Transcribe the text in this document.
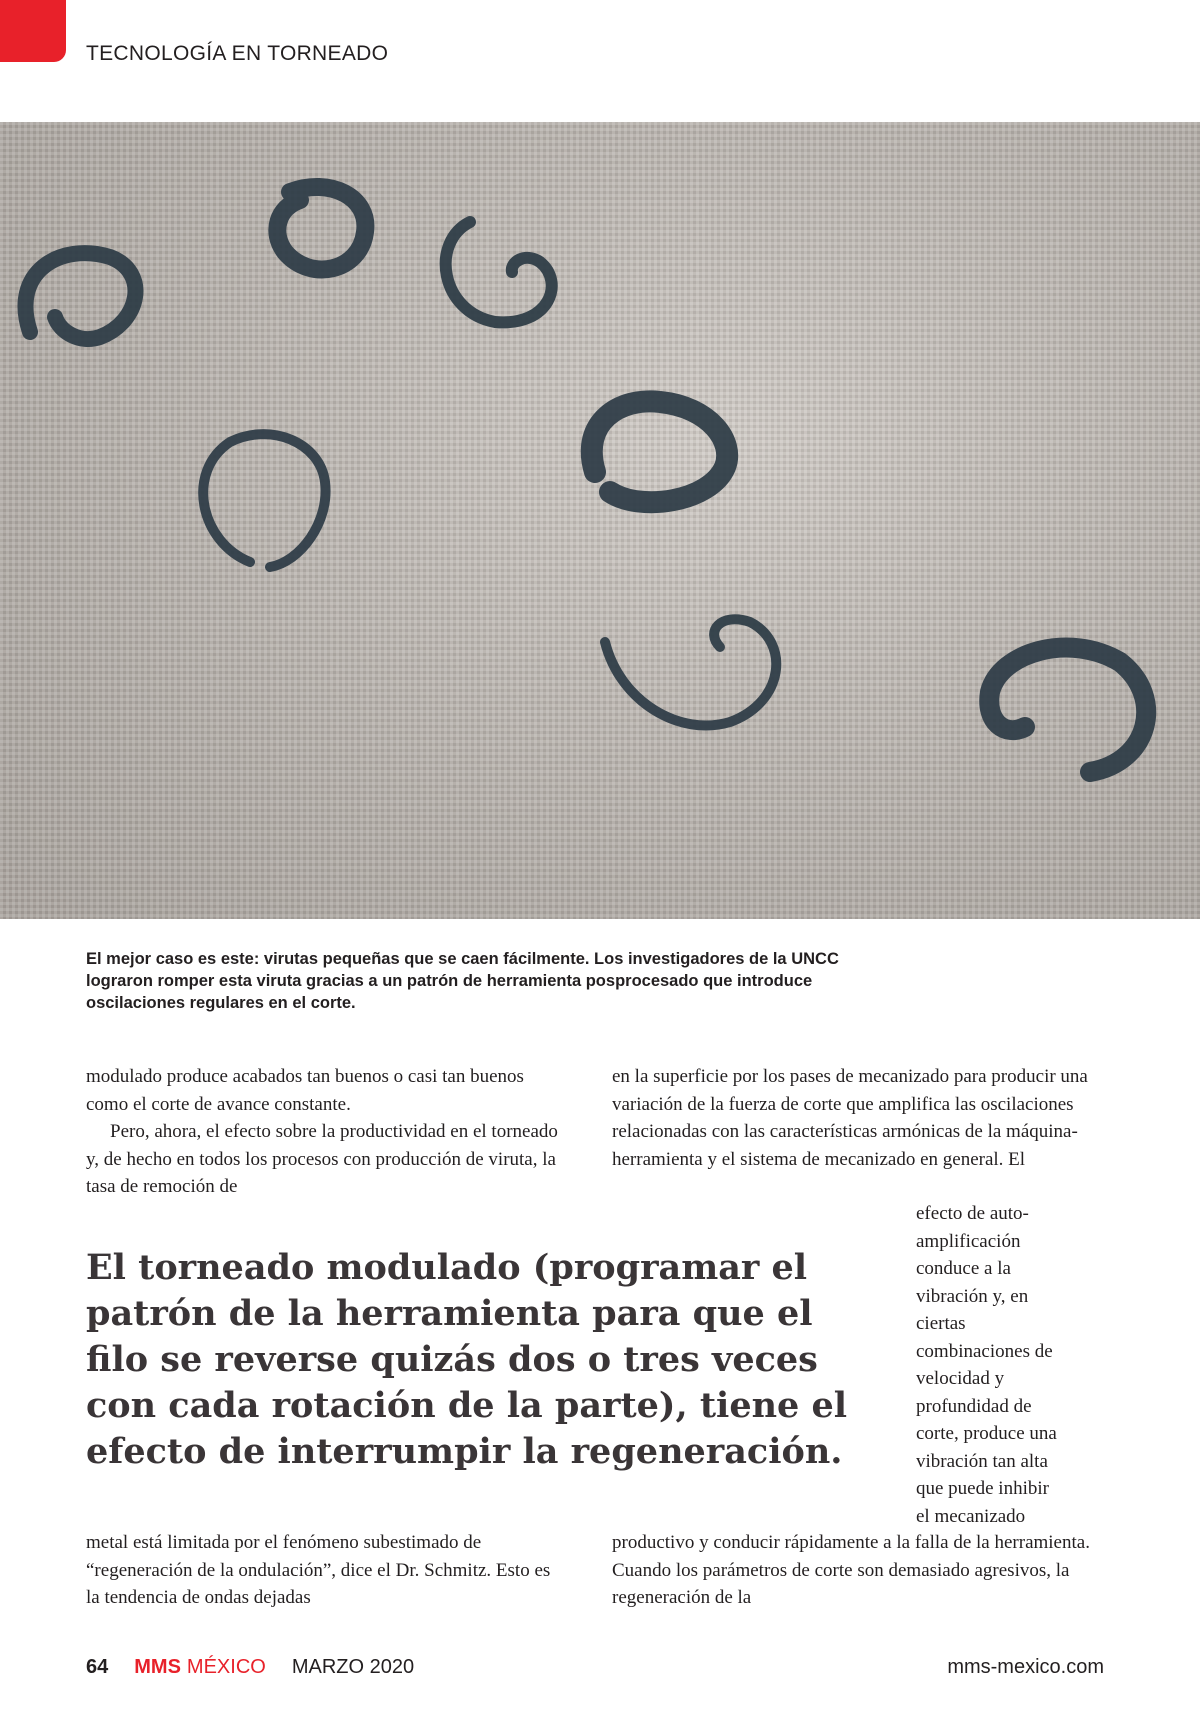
TECNOLOGÍA EN TORNEADO
El mejor caso es este: virutas pequeñas que se caen fácilmente. Los investigadores de la UNCC lograron romper esta viruta gracias a un patrón de herramienta posprocesado que introduce oscilaciones regulares en el corte.

modulado produce acabados tan buenos o casi tan buenos como el corte de avance constante.

Pero, ahora, el efecto sobre la productividad en el torneado y, de hecho en todos los procesos con producción de viruta, la tasa de remoción de

en la superficie por los pases de mecanizado para producir una variación de la fuerza de corte que amplifica las oscilaciones relacionadas con las características armónicas de la máquina-herramienta y el sistema de mecanizado en general. El

efecto de auto-amplificación conduce a la vibración y, en ciertas combinaciones de velocidad y profundidad de corte, produce una vibración tan alta que puede inhibir el mecanizado

El torneado modulado (programar el patrón de la herramienta para que el filo se reverse quizás dos o tres veces con cada rotación de la parte), tiene el efecto de interrumpir la regeneración.

metal está limitada por el fenómeno subestimado de “regeneración de la ondulación”, dice el Dr. Schmitz. Esto es la tendencia de ondas dejadas

productivo y conducir rápidamente a la falla de la herramienta. Cuando los parámetros de corte son demasiado agresivos, la regeneración de la

64 MMS MÉXICO MARZO 2020	mms-mexico.com
